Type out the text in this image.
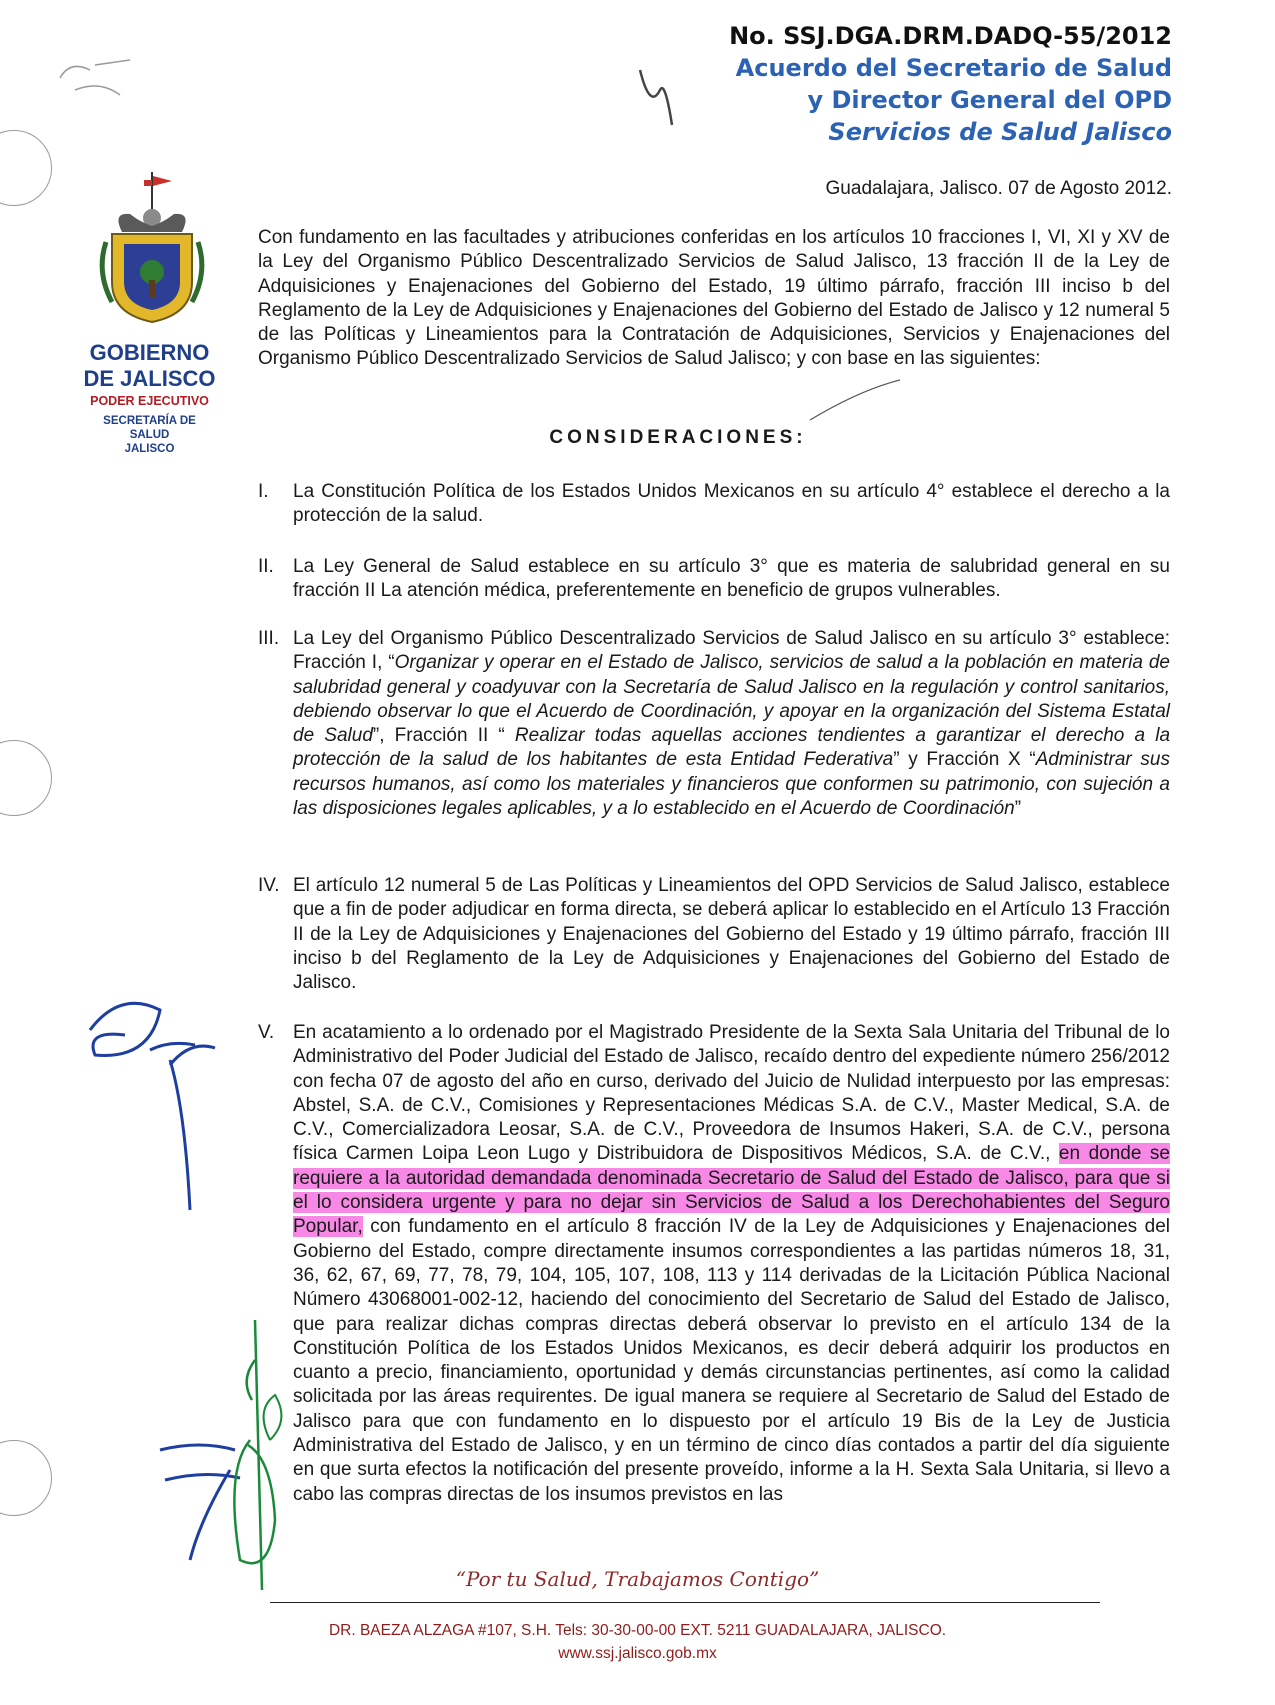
No. SSJ.DGA.DRM.DADQ-55/2012
Acuerdo del Secretario de Salud
y Director General del OPD
Servicios de Salud Jalisco
Guadalajara, Jalisco. 07 de Agosto 2012.
GOBIERNO
DE JALISCO
PODER EJECUTIVO
SECRETARÍA DE
SALUD
JALISCO
Con fundamento en las facultades y atribuciones conferidas en los artículos 10 fracciones I, VI, XI y XV de la Ley del Organismo Público Descentralizado Servicios de Salud Jalisco, 13 fracción II de la Ley de Adquisiciones y Enajenaciones del Gobierno del Estado, 19 último párrafo, fracción III inciso b del Reglamento de la Ley de Adquisiciones y Enajenaciones del Gobierno del Estado de Jalisco y 12 numeral 5 de las Políticas y Lineamientos para la Contratación de Adquisiciones, Servicios y Enajenaciones del Organismo Público Descentralizado Servicios de Salud Jalisco; y con base en las siguientes:
CONSIDERACIONES:
I. La Constitución Política de los Estados Unidos Mexicanos en su artículo 4° establece el derecho a la protección de la salud.
II. La Ley General de Salud establece en su artículo 3° que es materia de salubridad general en su fracción II La atención médica, preferentemente en beneficio de grupos vulnerables.
III. La Ley del Organismo Público Descentralizado Servicios de Salud Jalisco en su artículo 3° establece: Fracción I, “Organizar y operar en el Estado de Jalisco, servicios de salud a la población en materia de salubridad general y coadyuvar con la Secretaría de Salud Jalisco en la regulación y control sanitarios, debiendo observar lo que el Acuerdo de Coordinación, y apoyar en la organización del Sistema Estatal de Salud”, Fracción II “ Realizar todas aquellas acciones tendientes a garantizar el derecho a la protección de la salud de los habitantes de esta Entidad Federativa” y Fracción X “Administrar sus recursos humanos, así como los materiales y financieros que conformen su patrimonio, con sujeción a las disposiciones legales aplicables, y a lo establecido en el Acuerdo de Coordinación”
IV. El artículo 12 numeral 5 de Las Políticas y Lineamientos del OPD Servicios de Salud Jalisco, establece que a fin de poder adjudicar en forma directa, se deberá aplicar lo establecido en el Artículo 13 Fracción II de la Ley de Adquisiciones y Enajenaciones del Gobierno del Estado y 19 último párrafo, fracción III inciso b del Reglamento de la Ley de Adquisiciones y Enajenaciones del Gobierno del Estado de Jalisco.
V. En acatamiento a lo ordenado por el Magistrado Presidente de la Sexta Sala Unitaria del Tribunal de lo Administrativo del Poder Judicial del Estado de Jalisco, recaído dentro del expediente número 256/2012 con fecha 07 de agosto del año en curso, derivado del Juicio de Nulidad interpuesto por las empresas: Abstel, S.A. de C.V., Comisiones y Representaciones Médicas S.A. de C.V., Master Medical, S.A. de C.V., Comercializadora Leosar, S.A. de C.V., Proveedora de Insumos Hakeri, S.A. de C.V., persona física Carmen Loipa Leon Lugo y Distribuidora de Dispositivos Médicos, S.A. de C.V., en donde se requiere a la autoridad demandada denominada Secretario de Salud del Estado de Jalisco, para que si el lo considera urgente y para no dejar sin Servicios de Salud a los Derechohabientes del Seguro Popular, con fundamento en el artículo 8 fracción IV de la Ley de Adquisiciones y Enajenaciones del Gobierno del Estado, compre directamente insumos correspondientes a las partidas números 18, 31, 36, 62, 67, 69, 77, 78, 79, 104, 105, 107, 108, 113 y 114 derivadas de la Licitación Pública Nacional Número 43068001-002-12, haciendo del conocimiento del Secretario de Salud del Estado de Jalisco, que para realizar dichas compras directas deberá observar lo previsto en el artículo 134 de la Constitución Política de los Estados Unidos Mexicanos, es decir deberá adquirir los productos en cuanto a precio, financiamiento, oportunidad y demás circunstancias pertinentes, así como la calidad solicitada por las áreas requirentes. De igual manera se requiere al Secretario de Salud del Estado de Jalisco para que con fundamento en lo dispuesto por el artículo 19 Bis de la Ley de Justicia Administrativa del Estado de Jalisco, y en un término de cinco días contados a partir del día siguiente en que surta efectos la notificación del presente proveído, informe a la H. Sexta Sala Unitaria, si llevo a cabo las compras directas de los insumos previstos en las
“Por tu Salud, Trabajamos Contigo”
DR. BAEZA ALZAGA #107, S.H. Tels: 30-30-00-00 EXT. 5211 GUADALAJARA, JALISCO.
www.ssj.jalisco.gob.mx
